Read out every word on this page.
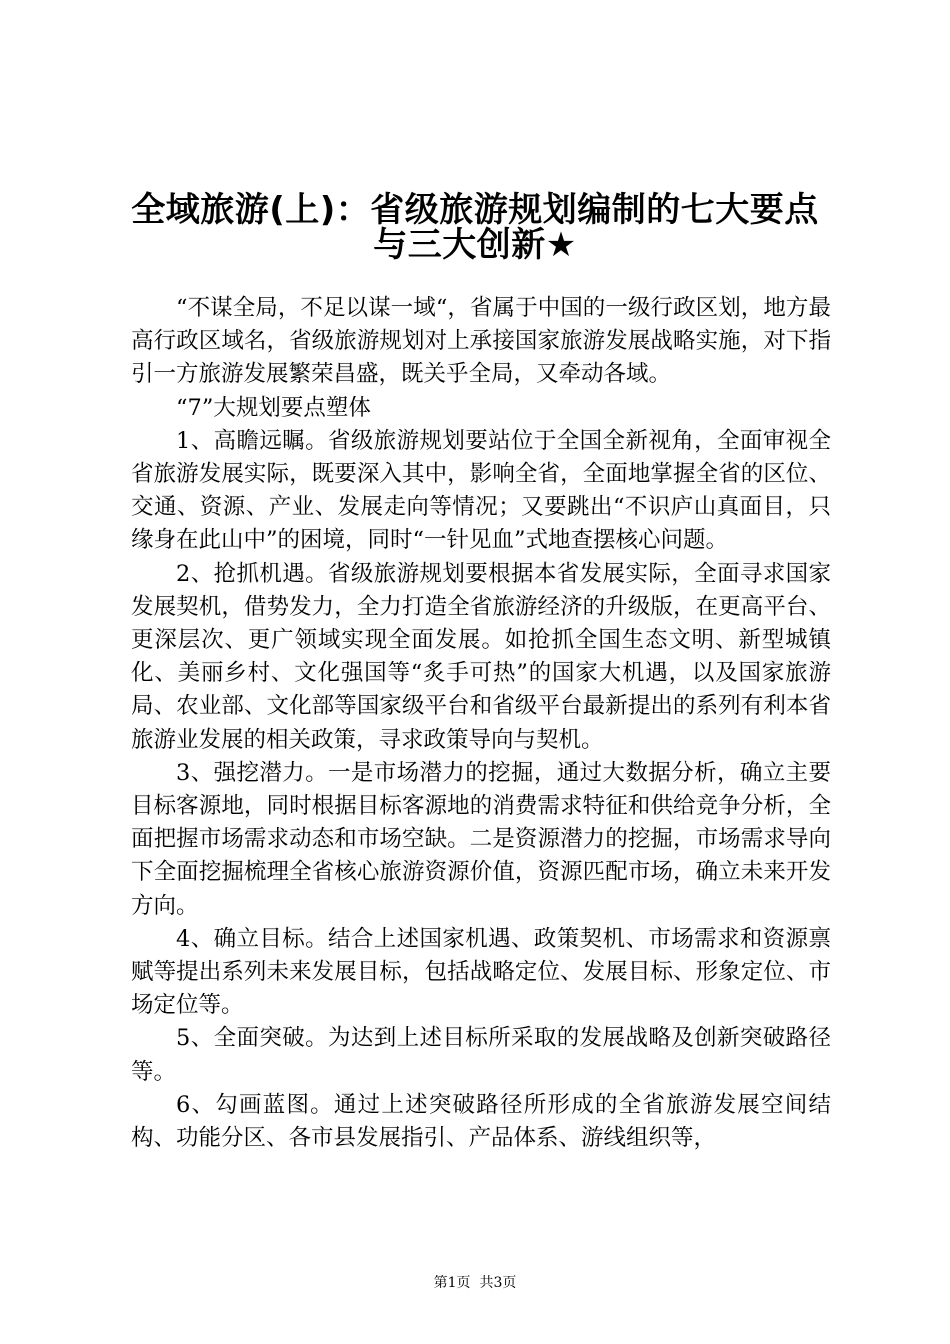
全域旅游(上)：省级旅游规划编制的七大要点
与三大创新★

“不谋全局，不足以谋一域“，省属于中国的一级行政区划，地方最高行政区域名，省级旅游规划对上承接国家旅游发展战略实施，对下指引一方旅游发展繁荣昌盛，既关乎全局，又牵动各域。

“7”大规划要点塑体

1、高瞻远瞩。省级旅游规划要站位于全国全新视角，全面审视全省旅游发展实际，既要深入其中，影响全省，全面地掌握全省的区位、交通、资源、产业、发展走向等情况；又要跳出“不识庐山真面目，只缘身在此山中”的困境，同时“一针见血”式地查摆核心问题。

2、抢抓机遇。省级旅游规划要根据本省发展实际，全面寻求国家发展契机，借势发力，全力打造全省旅游经济的升级版，在更高平台、更深层次、更广领域实现全面发展。如抢抓全国生态文明、新型城镇化、美丽乡村、文化强国等“炙手可热”的国家大机遇，以及国家旅游局、农业部、文化部等国家级平台和省级平台最新提出的系列有利本省旅游业发展的相关政策，寻求政策导向与契机。

3、强挖潜力。一是市场潜力的挖掘，通过大数据分析，确立主要目标客源地，同时根据目标客源地的消费需求特征和供给竞争分析，全面把握市场需求动态和市场空缺。二是资源潜力的挖掘，市场需求导向下全面挖掘梳理全省核心旅游资源价值，资源匹配市场，确立未来开发方向。

4、确立目标。结合上述国家机遇、政策契机、市场需求和资源禀赋等提出系列未来发展目标，包括战略定位、发展目标、形象定位、市场定位等。

5、全面突破。为达到上述目标所采取的发展战略及创新突破路径等。

6、勾画蓝图。通过上述突破路径所形成的全省旅游发展空间结构、功能分区、各市县发展指引、产品体系、游线组织等，

第1页  共3页
